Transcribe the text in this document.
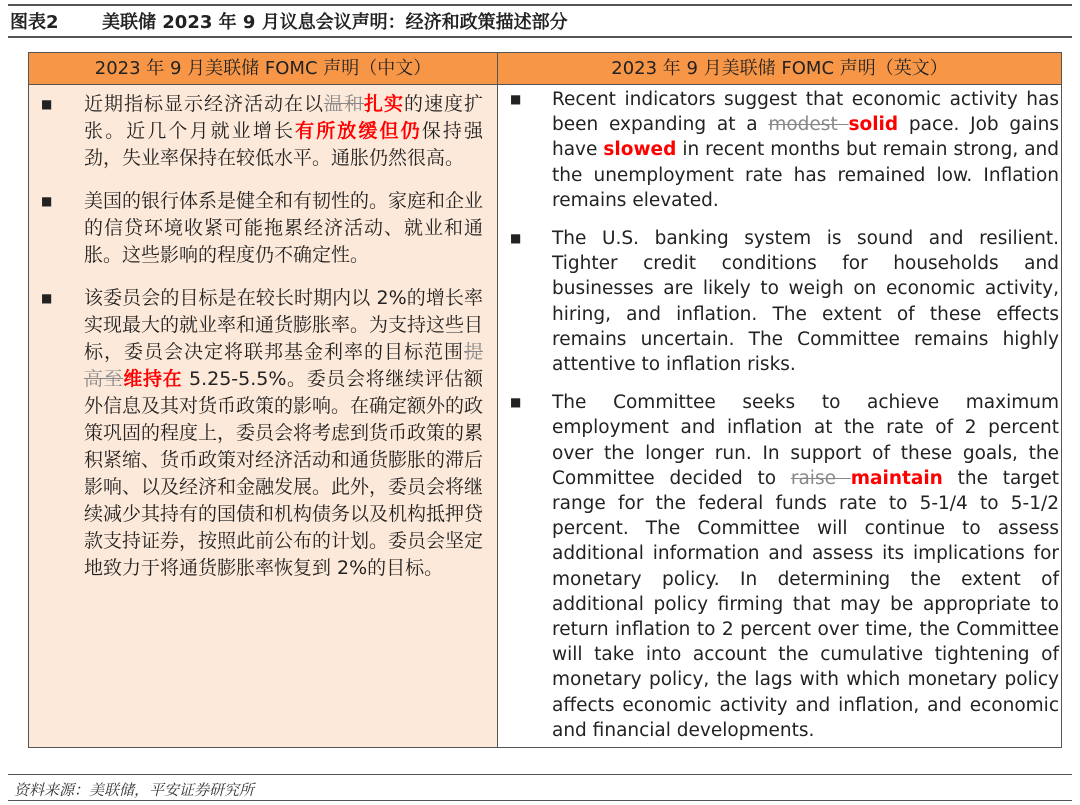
图表2 美联储 2023 年 9 月议息会议声明：经济和政策描述部分
2023 年 9 月美联储 FOMC 声明（中文）	2023 年 9 月美联储 FOMC 声明（英文）
■ 近期指标显示经济活动在以温和扎实的速度扩张。近几个月就业增长有所放缓但仍保持强劲，失业率保持在较低水平。通胀仍然很高。
■ 美国的银行体系是健全和有韧性的。家庭和企业的信贷环境收紧可能拖累经济活动、就业和通胀。这些影响的程度仍不确定性。
■ 该委员会的目标是在较长时期内以 2%的增长率实现最大的就业率和通货膨胀率。为支持这些目标，委员会决定将联邦基金利率的目标范围提高至维持在 5.25-5.5%。委员会将继续评估额外信息及其对货币政策的影响。在确定额外的政策巩固的程度上，委员会将考虑到货币政策的累积紧缩、货币政策对经济活动和通货膨胀的滞后影响、以及经济和金融发展。此外，委员会将继续减少其持有的国债和机构债务以及机构抵押贷款支持证券，按照此前公布的计划。委员会坚定地致力于将通货膨胀率恢复到 2%的目标。
■ Recent indicators suggest that economic activity has been expanding at a modest solid pace. Job gains have slowed in recent months but remain strong, and the unemployment rate has remained low. Inflation remains elevated.
■ The U.S. banking system is sound and resilient. Tighter credit conditions for households and businesses are likely to weigh on economic activity, hiring, and inflation. The extent of these effects remains uncertain. The Committee remains highly attentive to inflation risks.
■ The Committee seeks to achieve maximum employment and inflation at the rate of 2 percent over the longer run. In support of these goals, the Committee decided to raise maintain the target range for the federal funds rate to 5-1/4 to 5-1/2 percent. The Committee will continue to assess additional information and assess its implications for monetary policy. In determining the extent of additional policy firming that may be appropriate to return inflation to 2 percent over time, the Committee will take into account the cumulative tightening of monetary policy, the lags with which monetary policy affects economic activity and inflation, and economic and financial developments.
资料来源：美联储，平安证券研究所
